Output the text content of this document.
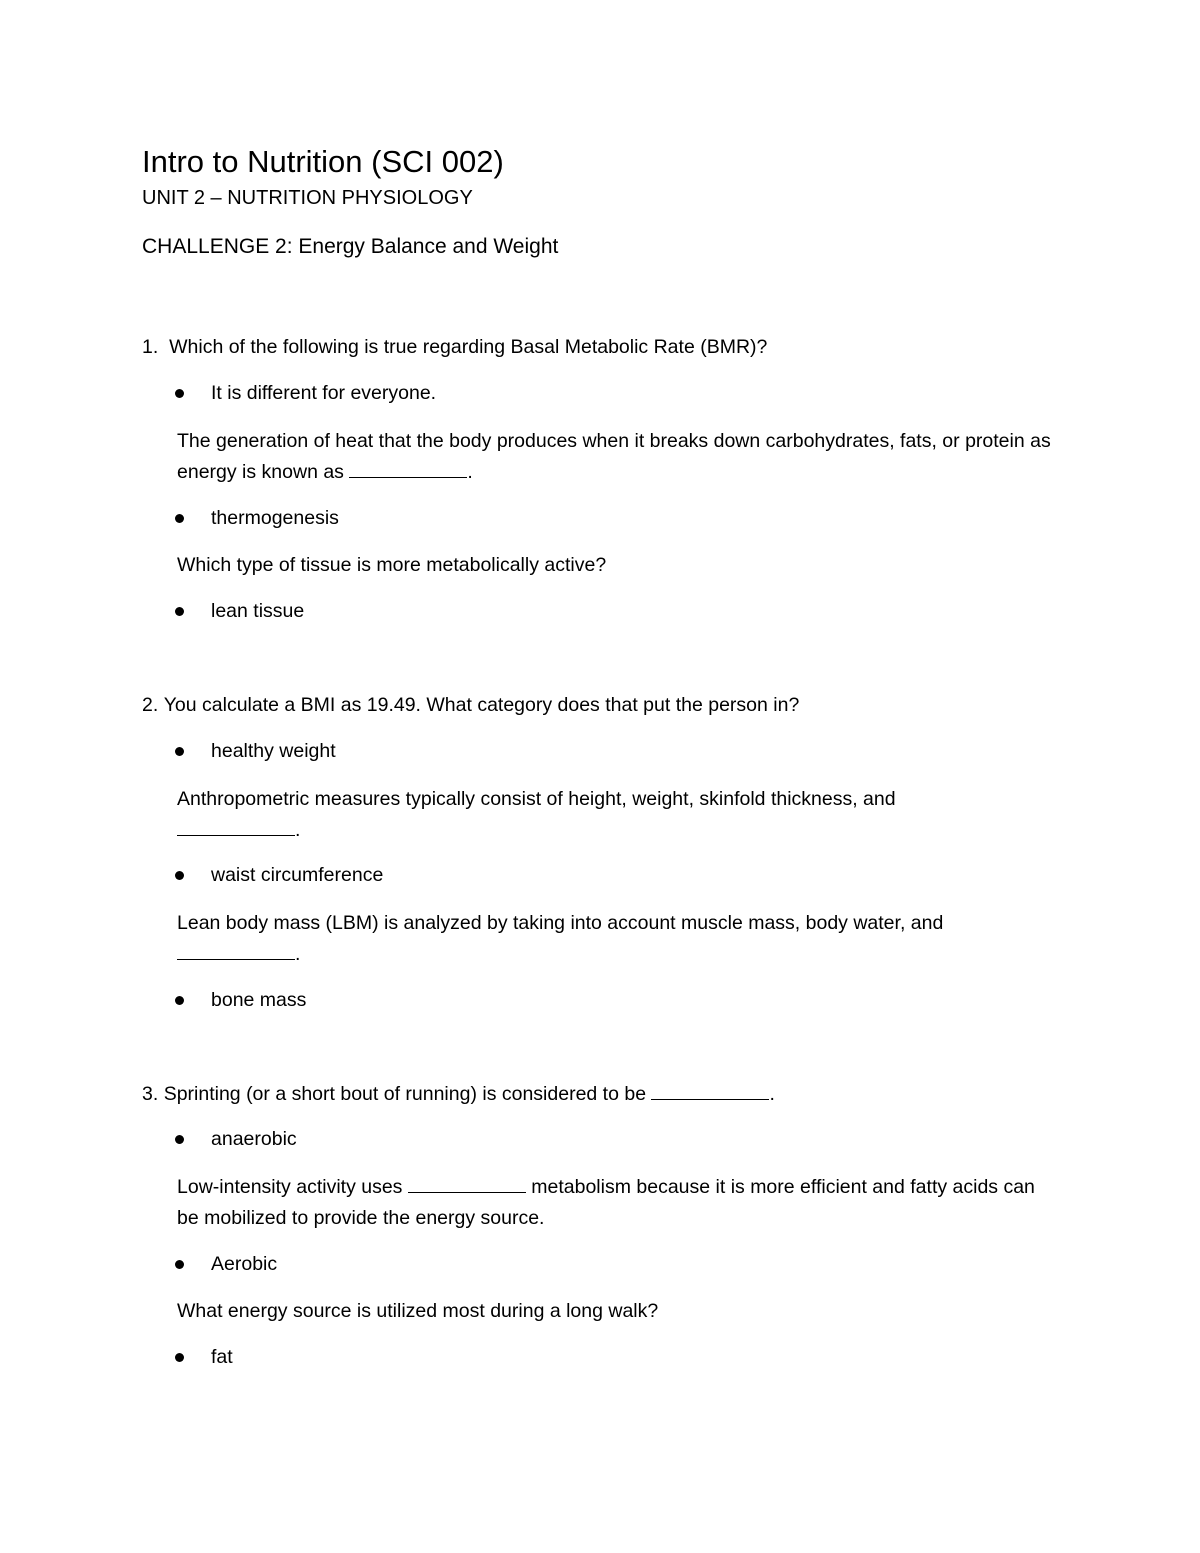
Intro to Nutrition (SCI 002)
UNIT 2 – NUTRITION PHYSIOLOGY
CHALLENGE 2: Energy Balance and Weight
1. Which of the following is true regarding Basal Metabolic Rate (BMR)?
It is different for everyone.
The generation of heat that the body produces when it breaks down carbohydrates, fats, or protein as energy is known as	.
thermogenesis
Which type of tissue is more metabolically active?
lean tissue
2. You calculate a BMI as 19.49. What category does that put the person in?
healthy weight
Anthropometric measures typically consist of height, weight, skinfold thickness, and
.
waist circumference
Lean body mass (LBM) is analyzed by taking into account muscle mass, body water, and
.
bone mass
3. Sprinting (or a short bout of running) is considered to be	.
anaerobic
Low-intensity activity uses	metabolism because it is more efficient and fatty acids can be mobilized to provide the energy source.
Aerobic
What energy source is utilized most during a long walk?
fat
